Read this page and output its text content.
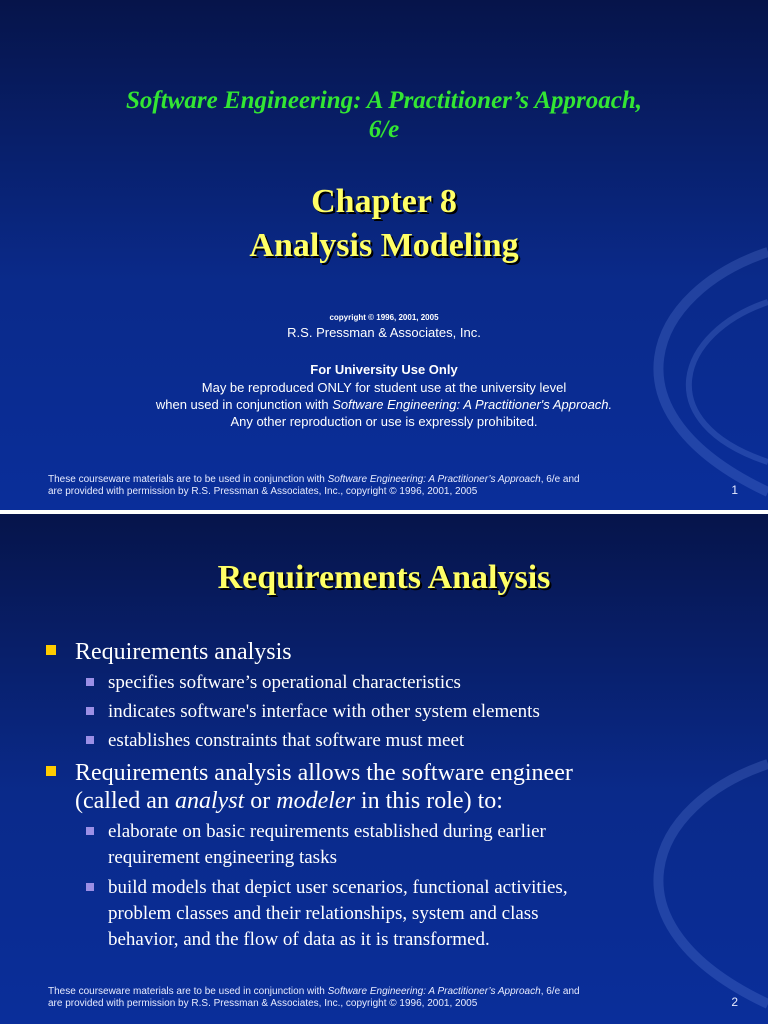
Software Engineering: A Practitioner’s Approach,
6/e
Chapter 8
Analysis Modeling
copyright © 1996, 2001, 2005
R.S. Pressman & Associates, Inc.
For University Use Only
May be reproduced ONLY for student use at the university level
when used in conjunction with Software Engineering: A Practitioner's Approach.
Any other reproduction or use is expressly prohibited.
These courseware materials are to be used in conjunction with Software Engineering: A Practitioner’s Approach, 6/e and
are provided with permission by R.S. Pressman & Associates, Inc., copyright © 1996, 2001, 2005	1
Requirements Analysis
Requirements analysis
specifies software’s operational characteristics
indicates software's interface with other system elements
establishes constraints that software must meet
Requirements analysis allows the software engineer
(called an analyst or modeler in this role) to:
elaborate on basic requirements established during earlier
requirement engineering tasks
build models that depict user scenarios, functional activities,
problem classes and their relationships, system and class
behavior, and the flow of data as it is transformed.
These courseware materials are to be used in conjunction with Software Engineering: A Practitioner’s Approach, 6/e and
are provided with permission by R.S. Pressman & Associates, Inc., copyright © 1996, 2001, 2005	2
